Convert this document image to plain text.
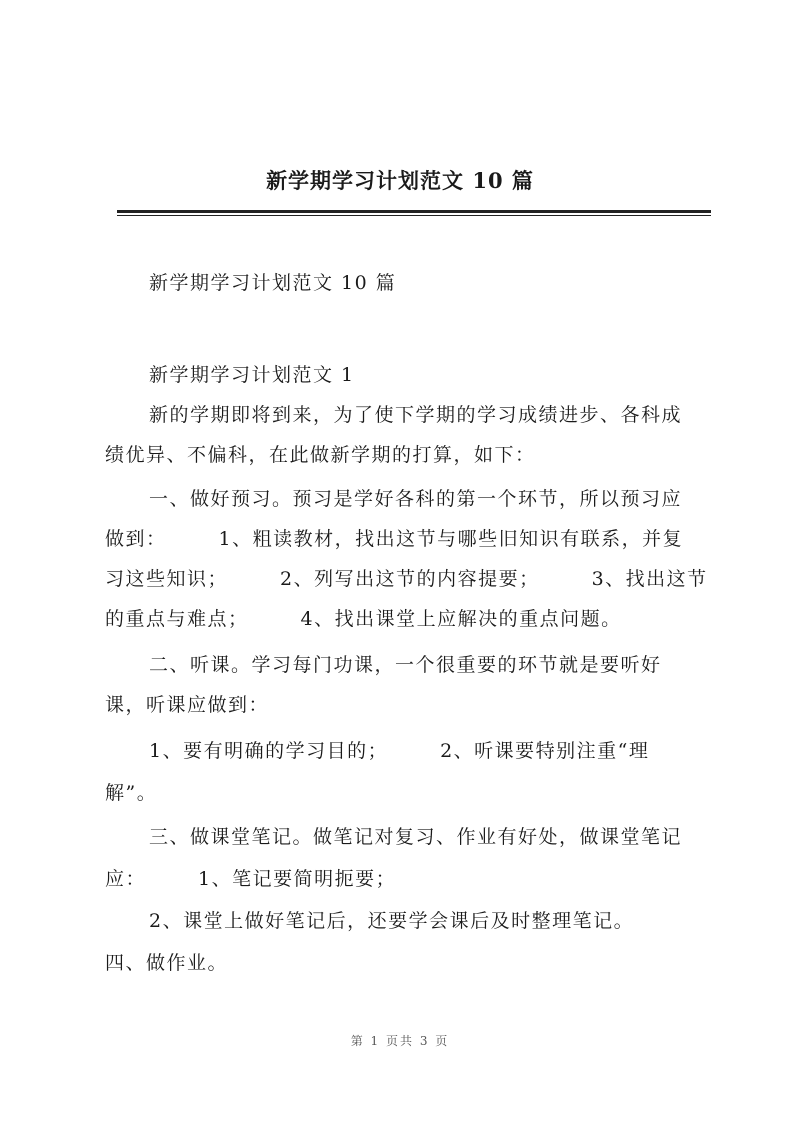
新学期学习计划范文 10 篇
新学期学习计划范文 10 篇
新学期学习计划范文 1
新的学期即将到来，为了使下学期的学习成绩进步、各科成
绩优异、不偏科，在此做新学期的打算，如下：
一、做好预习。预习是学好各科的第一个环节，所以预习应
做到：　　　1、粗读教材，找出这节与哪些旧知识有联系，并复
习这些知识；　　　2、列写出这节的内容提要；　　　3、找出这节
的重点与难点；　　　4、找出课堂上应解决的重点问题。
二、听课。学习每门功课，一个很重要的环节就是要听好
课，听课应做到：
1、要有明确的学习目的；　　　2、听课要特别注重“理
解”。
三、做课堂笔记。做笔记对复习、作业有好处，做课堂笔记
应：　　　1、笔记要简明扼要；
2、课堂上做好笔记后，还要学会课后及时整理笔记。
四、做作业。
第 1 页共 3 页
